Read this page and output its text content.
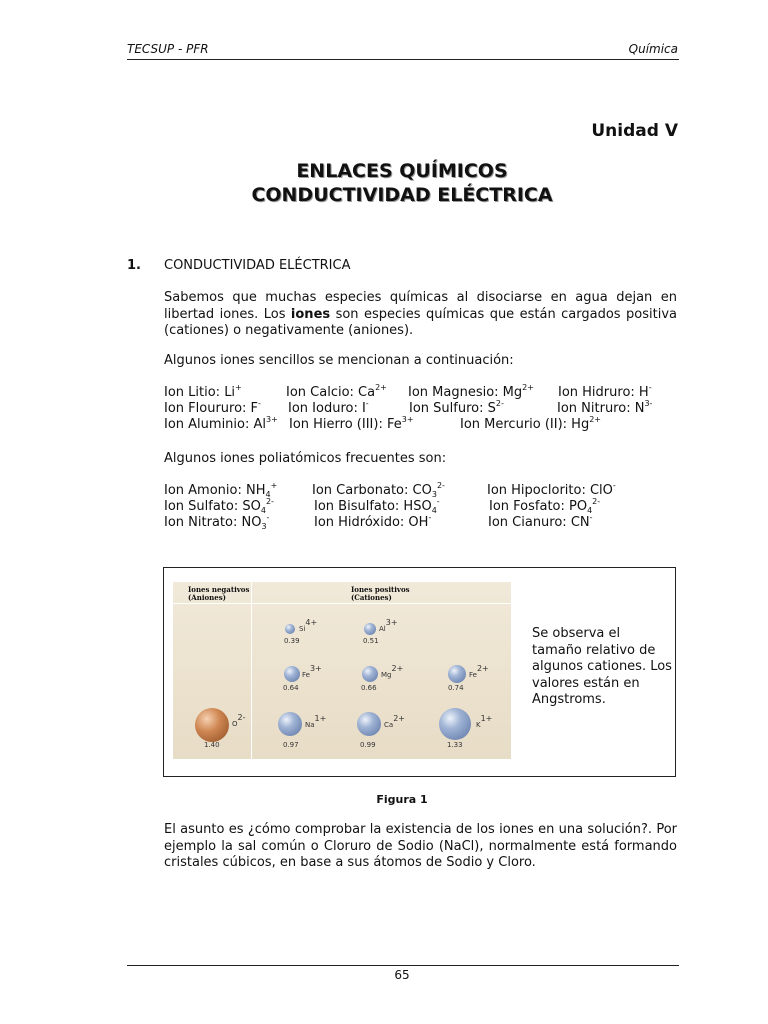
TECSUP - PFR	Química
Unidad V
ENLACES QUÍMICOS
CONDUCTIVIDAD ELÉCTRICA
1. CONDUCTIVIDAD ELÉCTRICA

Sabemos que muchas especies químicas al disociarse en agua dejan en libertad iones. Los iones son especies químicas que están cargados positiva (cationes) o negativamente (aniones).

Algunos iones sencillos se mencionan a continuación:

Ion Litio: Li+	Ion Calcio: $Ca^{2+}$ Ion Magnesio: $Mg^{2+}$ Ion Hidruro: H-
Ion Floururo: F- Ion Ioduro: I-	Ion Sulfuro: $S^{2-}$	Ion Nitruro: $N^{3-}$
Ion Aluminio: $Al^{3+}$ Ion Hierro (III): $Fe^{3+}$	Ion Mercurio (II): $Hg^{2+}$

Algunos iones poliatómicos frecuentes son:

Ion Amonio: $NH_4^+$	Ion Carbonato: $CO_3^{2-}$	Ion Hipoclorito: ClO-
Ion Sulfato: $SO_4^{2-}$	Ion Bisulfato: $HSO_4^-$	Ion Fosfato: $PO_4^{2-}$
Ion Nitrato: $NO_3^-$	Ion Hidróxido: OH-	Ion Cianuro: CN-
Iones negativos
(Aniones)
Iones positivos
(Cationes)
$Si^{4+}$
0.39
$Al^{3+}$
0.51
$Fe^{3+}$
0.64
$Mg^{2+}$
0.66
$Fe^{2+}$
0.74
$O^{2-}$
1.40
$Na^{1+}$
0.97
$Ca^{2+}$
0.99
$K^{1+}$
1.33
Se observa el tamaño relativo de algunos cationes. Los valores están en Angstroms.
Figura 1

El asunto es ¿cómo comprobar la existencia de los iones en una solución?. Por ejemplo la sal común o Cloruro de Sodio (NaCl), normalmente está formando cristales cúbicos, en base a sus átomos de Sodio y Cloro.

65
